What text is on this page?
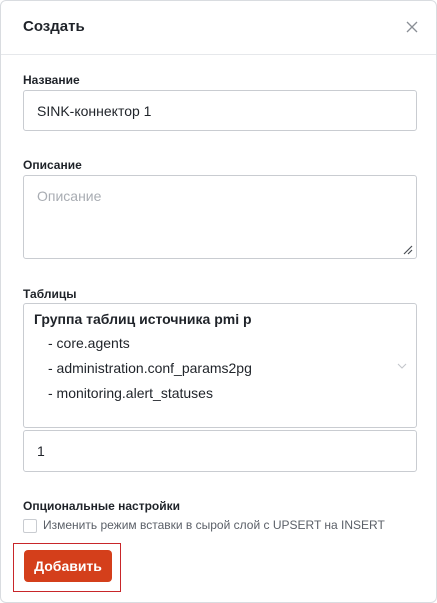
Создать
Название
SINK-коннектор 1
Описание
Описание
Таблицы
Группа таблиц источника pmi p
- core.agents
- administration.conf_params2pg
- monitoring.alert_statuses
1
Опциональные настройки
Изменить режим вставки в сырой слой с UPSERT на INSERT
Добавить
